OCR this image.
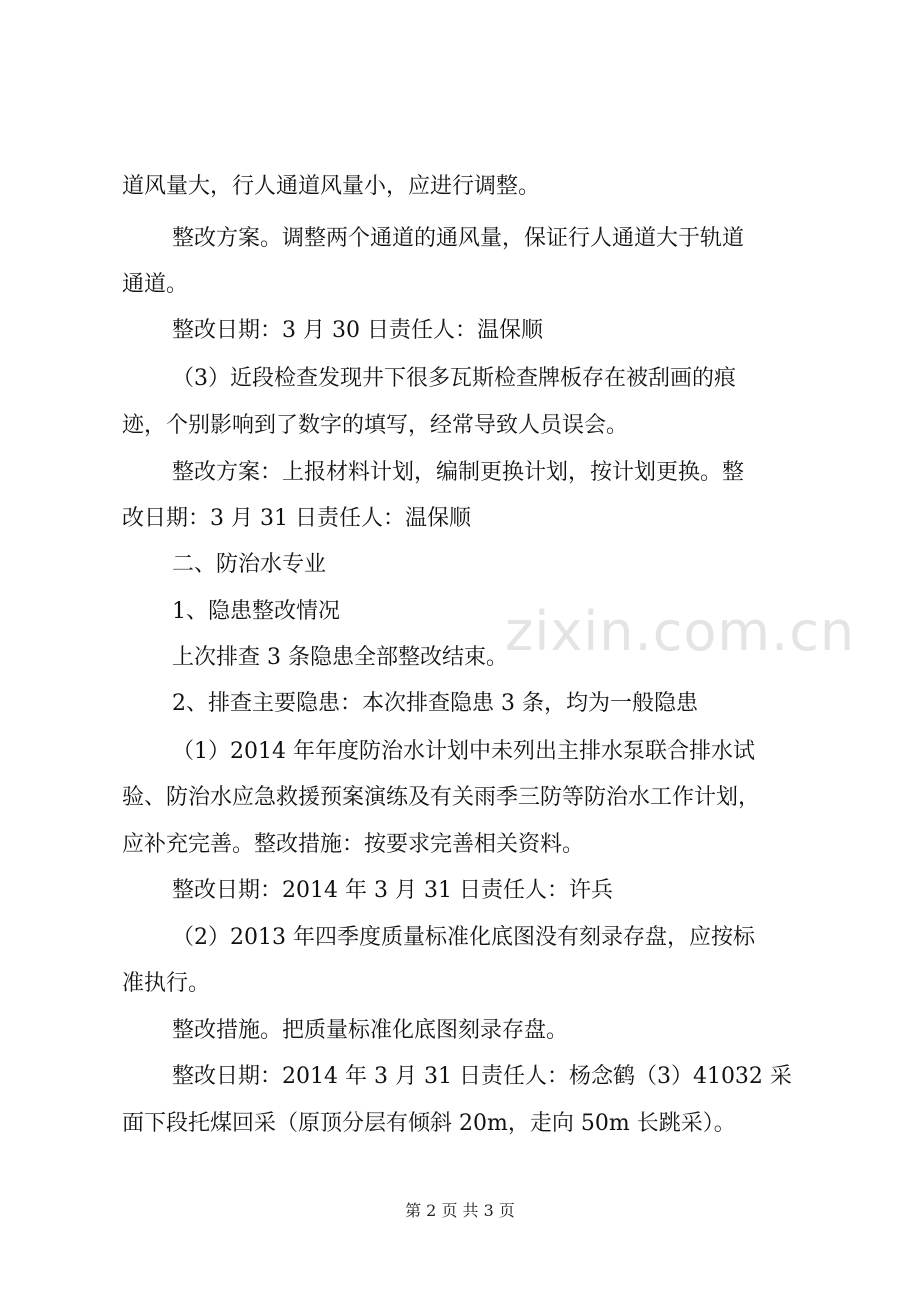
道风量大，行人通道风量小，应进行调整。
整改方案。调整两个通道的通风量，保证行人通道大于轨道
通道。
整改日期：3 月 30 日责任人：温保顺
（3）近段检查发现井下很多瓦斯检查牌板存在被刮画的痕
迹，个别影响到了数字的填写，经常导致人员误会。
整改方案：上报材料计划，编制更换计划，按计划更换。整
改日期：3 月 31 日责任人：温保顺
二、防治水专业
1、隐患整改情况
上次排查 3 条隐患全部整改结束。
2、排查主要隐患：本次排查隐患 3 条，均为一般隐患
（1）2014 年年度防治水计划中未列出主排水泵联合排水试
验、防治水应急救援预案演练及有关雨季三防等防治水工作计划，
应补充完善。整改措施：按要求完善相关资料。
整改日期：2014 年 3 月 31 日责任人：许兵
（2）2013 年四季度质量标准化底图没有刻录存盘，应按标
准执行。
整改措施。把质量标准化底图刻录存盘。
整改日期：2014 年 3 月 31 日责任人：杨念鹤（3）41032 采
面下段托煤回采（原顶分层有倾斜 20m，走向 50m 长跳采）。
zixin.com.cn
第 2 页 共 3 页
